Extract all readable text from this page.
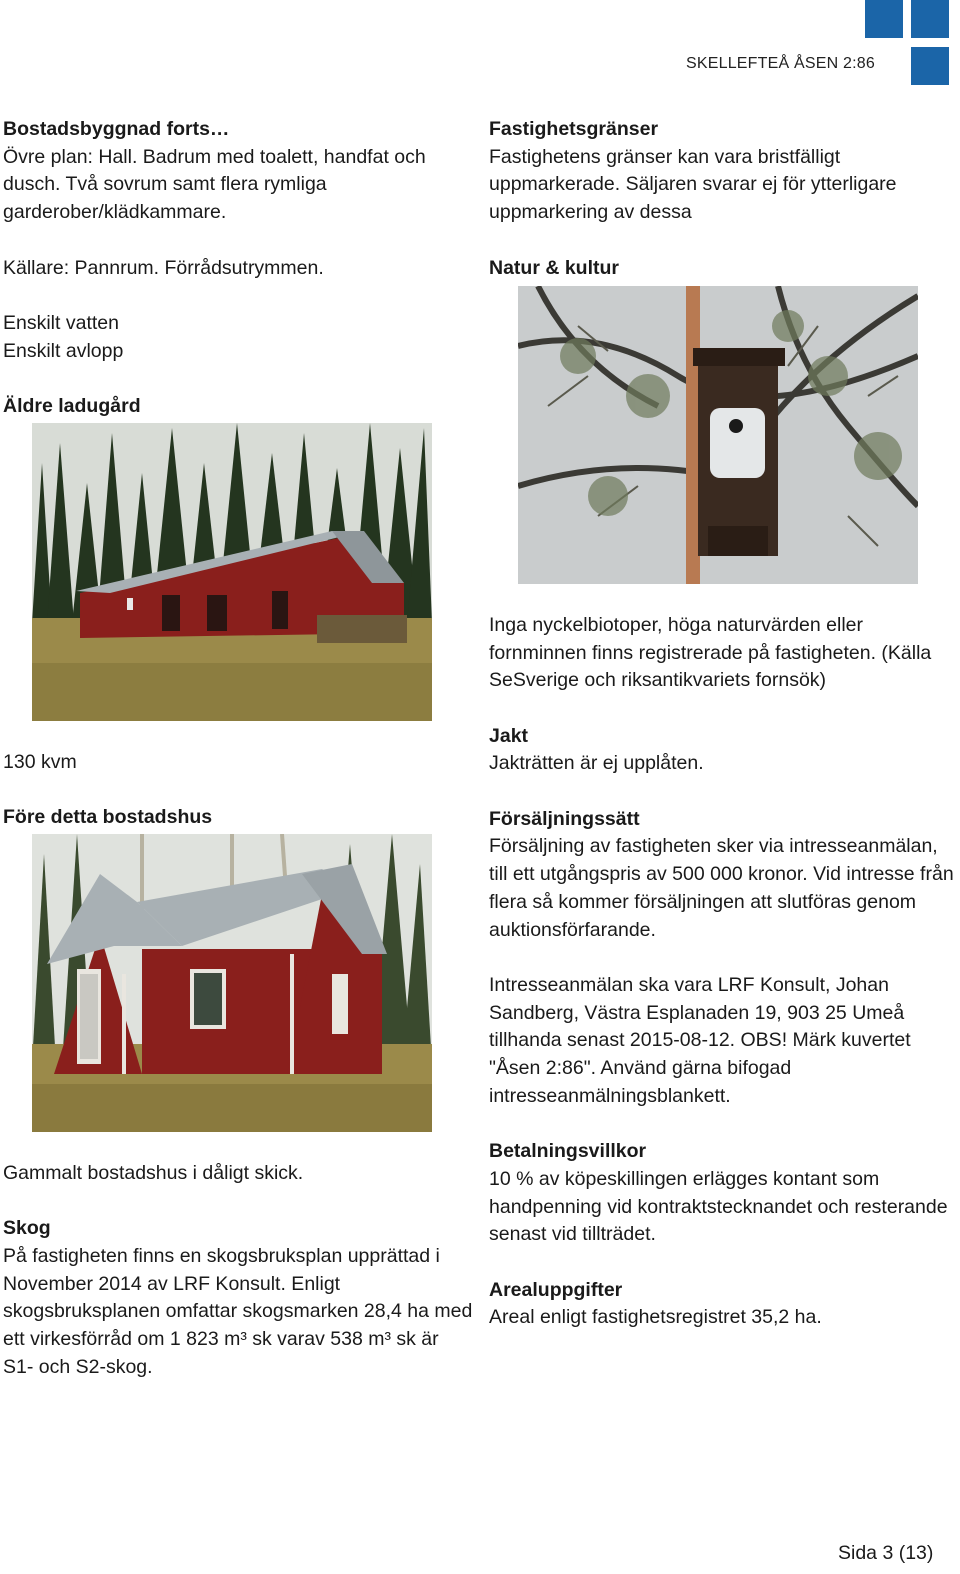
SKELLEFTEÅ ÅSEN 2:86
Bostadsbyggnad forts…
Övre plan: Hall. Badrum med toalett, handfat och dusch. Två sovrum samt flera rymliga garderober/klädkammare.
Källare: Pannrum. Förrådsutrymmen.
Enskilt vatten
Enskilt avlopp
Äldre ladugård
130 kvm
Före detta bostadshus
Gammalt bostadshus i dåligt skick.
Skog
På fastigheten finns en skogsbruksplan upprättad i November 2014 av LRF Konsult. Enligt skogsbruksplanen omfattar skogsmarken 28,4 ha med ett virkesförråd om 1 823 m³ sk varav 538 m³ sk är S1- och S2-skog.
Fastighetsgränser
Fastighetens gränser kan vara bristfälligt uppmarkerade. Säljaren svarar ej för ytterligare uppmarkering av dessa
Natur & kultur
Inga nyckelbiotoper, höga naturvärden eller fornminnen finns registrerade på fastigheten. (Källa SeSverige och riksantikvariets fornsök)
Jakt
Jakträtten är ej upplåten.
Försäljningssätt
Försäljning av fastigheten sker via intresseanmälan, till ett utgångspris av 500 000 kronor. Vid intresse från flera så kommer försäljningen att slutföras genom auktionsförfarande.
Intresseanmälan ska vara LRF Konsult, Johan Sandberg, Västra Esplanaden 19, 903 25 Umeå tillhanda senast 2015-08-12. OBS! Märk kuvertet "Åsen 2:86". Använd gärna bifogad intresseanmälningsblankett.
Betalningsvillkor
10 % av köpeskillingen erlägges kontant som handpenning vid kontraktstecknandet och resterande senast vid tillträdet.
Arealuppgifter
Areal enligt fastighetsregistret 35,2 ha.
Sida 3 (13)
